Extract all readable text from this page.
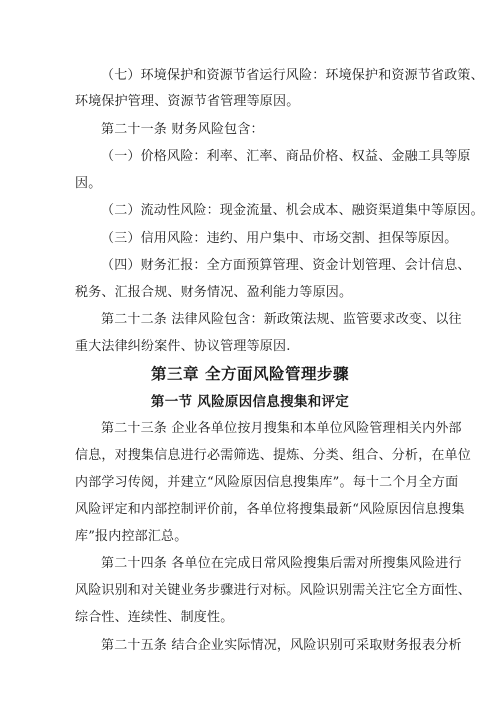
（七）环境保护和资源节省运行风险：环境保护和资源节省政策、
环境保护管理、资源节省管理等原因。
第二十一条 财务风险包含：
（一）价格风险：利率、汇率、商品价格、权益、金融工具等原
因。
（二）流动性风险：现金流量、机会成本、融资渠道集中等原因。
（三）信用风险：违约、用户集中、市场交割、担保等原因。
（四）财务汇报：全方面预算管理、资金计划管理、会计信息、
税务、汇报合规、财务情况、盈利能力等原因。
第二十二条 法律风险包含：新政策法规、监管要求改变、以往
重大法律纠纷案件、协议管理等原因.
第三章 全方面风险管理步骤
第一节 风险原因信息搜集和评定
第二十三条 企业各单位按月搜集和本单位风险管理相关内外部
信息，对搜集信息进行必需筛选、提炼、分类、组合、分析，在单位
内部学习传阅，并建立“风险原因信息搜集库”。每十二个月全方面
风险评定和内部控制评价前，各单位将搜集最新“风险原因信息搜集
库”报内控部汇总。
第二十四条 各单位在完成日常风险搜集后需对所搜集风险进行
风险识别和对关键业务步骤进行对标。风险识别需关注它全方面性、
综合性、连续性、制度性。
第二十五条 结合企业实际情况，风险识别可采取财务报表分析
